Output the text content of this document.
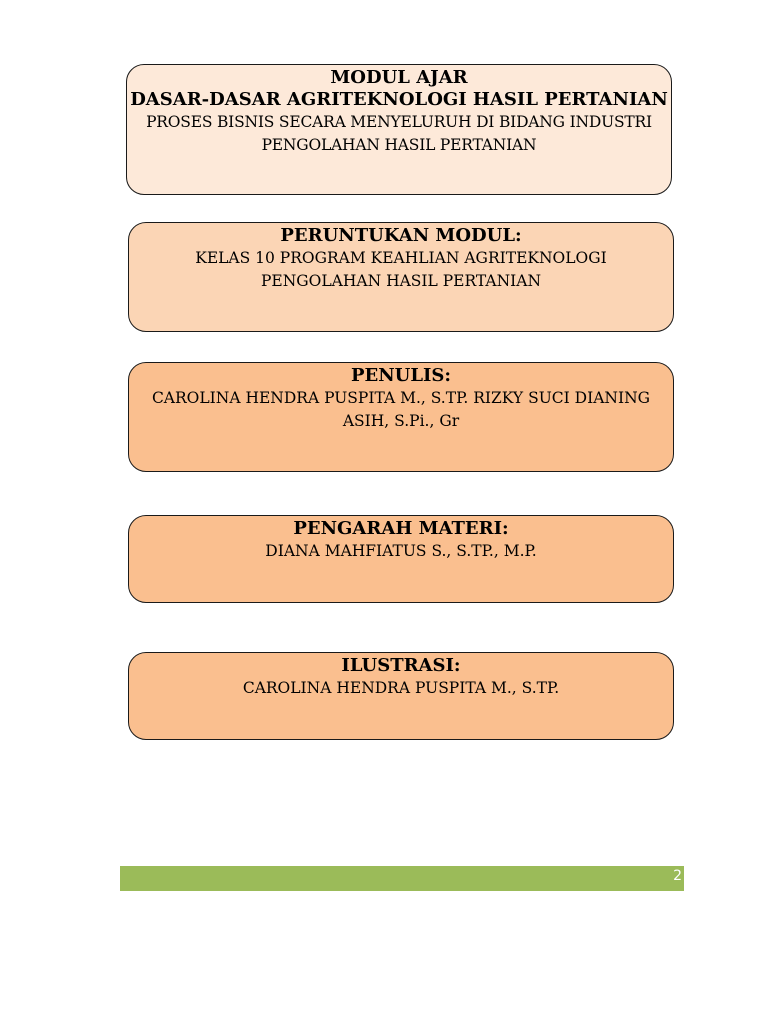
MODUL AJAR
DASAR-DASAR AGRITEKNOLOGI HASIL PERTANIAN
PROSES BISNIS SECARA MENYELURUH DI BIDANG INDUSTRI
PENGOLAHAN HASIL PERTANIAN
PERUNTUKAN MODUL:
KELAS 10 PROGRAM KEAHLIAN AGRITEKNOLOGI
PENGOLAHAN HASIL PERTANIAN
PENULIS:
CAROLINA HENDRA PUSPITA M., S.TP. RIZKY SUCI DIANING
ASIH, S.Pi., Gr
PENGARAH MATERI:
DIANA MAHFIATUS S., S.TP., M.P.
ILUSTRASI:
CAROLINA HENDRA PUSPITA M., S.TP.
2
